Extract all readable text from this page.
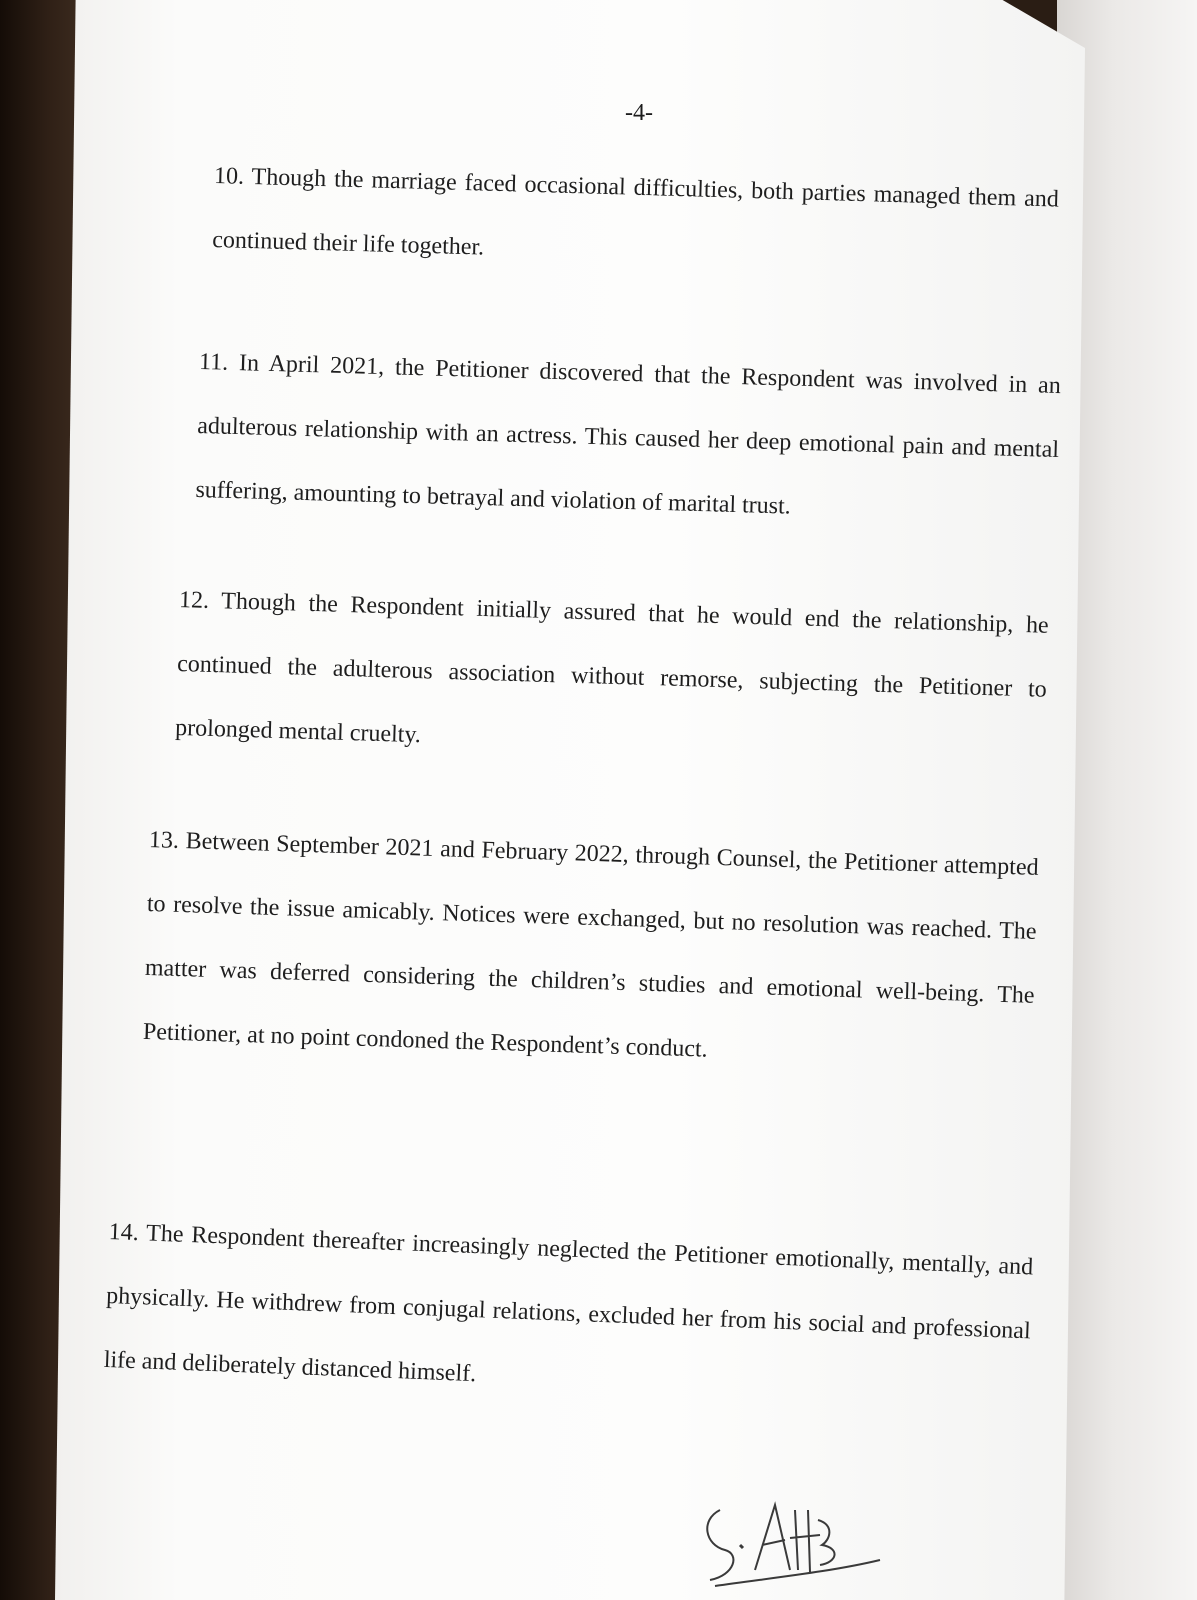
-4-
10. Though the marriage faced occasional difficulties, both parties managed them and continued their life together.
11. In April 2021, the Petitioner discovered that the Respondent was involved in an adulterous relationship with an actress. This caused her deep emotional pain and mental suffering, amounting to betrayal and violation of marital trust.
12. Though the Respondent initially assured that he would end the relationship, he continued the adulterous association without remorse, subjecting the Petitioner to prolonged mental cruelty.
13. Between September 2021 and February 2022, through Counsel, the Petitioner attempted to resolve the issue amicably. Notices were exchanged, but no resolution was reached. The matter was deferred considering the children’s studies and emotional well-being. The Petitioner, at no point condoned the Respondent’s conduct.
14. The Respondent thereafter increasingly neglected the Petitioner emotionally, mentally, and physically. He withdrew from conjugal relations, excluded her from his social and professional life and deliberately distanced himself.
